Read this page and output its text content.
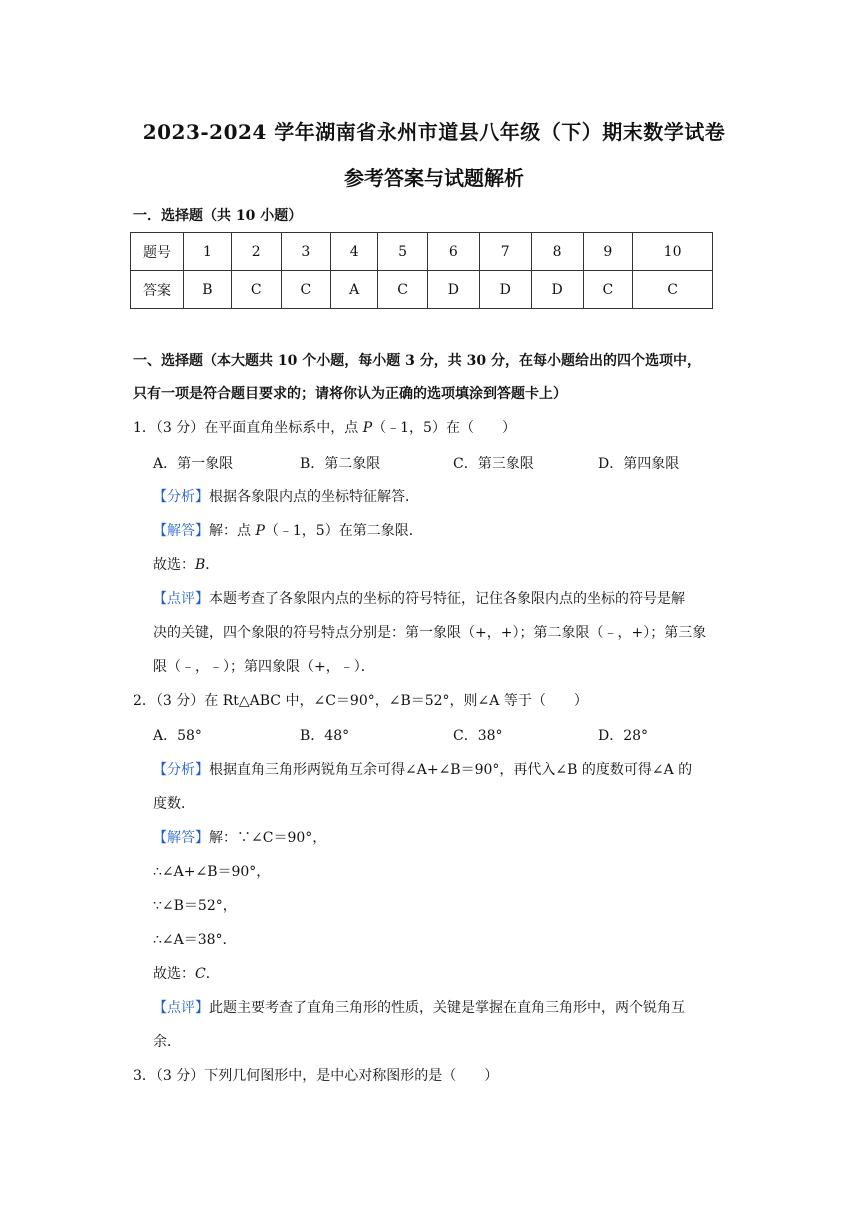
2023-2024 学年湖南省永州市道县八年级（下）期末数学试卷
参考答案与试题解析
一．选择题（共 10 小题）
题号	1	2	3	4	5	6	7	8	9	10
答案	B	C	C	A	C	D	D	D	C	C
一、选择题（本大题共 10 个小题，每小题 3 分，共 30 分，在每小题给出的四个选项中，
只有一项是符合题目要求的；请将你认为正确的选项填涂到答题卡上）
1．（3 分）在平面直角坐标系中，点 P（﹣1，5）在（　　）
A．第一象限	B．第二象限	C．第三象限	D．第四象限
【分析】根据各象限内点的坐标特征解答．
【解答】解：点 P（﹣1，5）在第二象限．
故选：B．
【点评】本题考查了各象限内点的坐标的符号特征，记住各象限内点的坐标的符号是解
决的关键，四个象限的符号特点分别是：第一象限（+，+）；第二象限（﹣，+）；第三象
限（﹣，﹣）；第四象限（+，﹣）．
2．（3 分）在 Rt△ABC 中，∠C＝90°，∠B＝52°，则∠A 等于（　　）
A．58°	B．48°	C．38°	D．28°
【分析】根据直角三角形两锐角互余可得∠A+∠B＝90°，再代入∠B 的度数可得∠A 的
度数．
【解答】解：∵∠C＝90°，
∴∠A+∠B＝90°，
∵∠B＝52°，
∴∠A＝38°．
故选：C．
【点评】此题主要考查了直角三角形的性质，关键是掌握在直角三角形中，两个锐角互
余．
3．（3 分）下列几何图形中，是中心对称图形的是（　　）
